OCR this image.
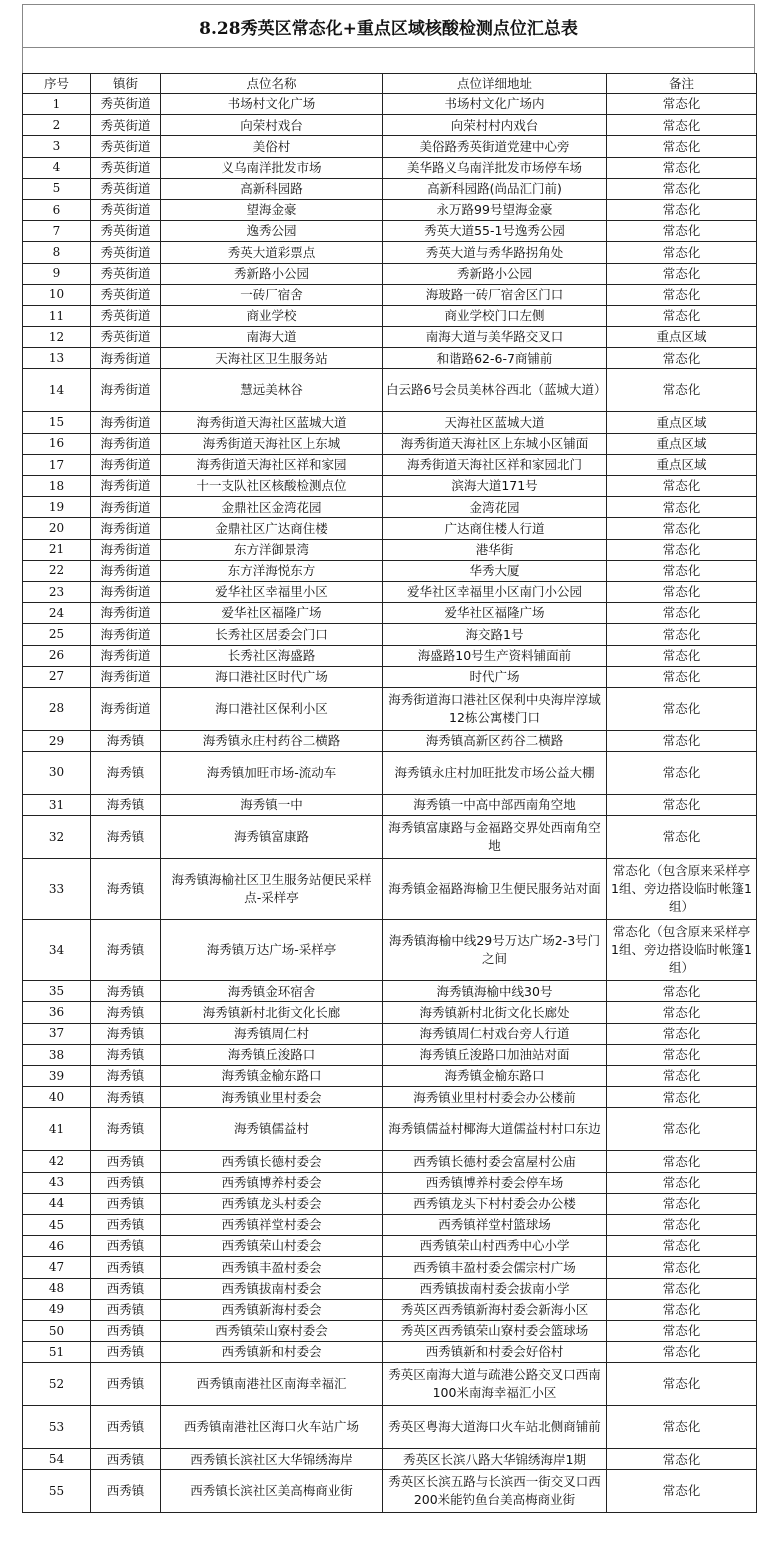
8.28秀英区常态化+重点区域核酸检测点位汇总表
序号	镇街	点位名称	点位详细地址	备注
1	秀英街道	书场村文化广场	书场村文化广场内	常态化
2	秀英街道	向荣村戏台	向荣村村内戏台	常态化
3	秀英街道	美俗村	美俗路秀英街道党建中心旁	常态化
4	秀英街道	义乌南洋批发市场	美华路义乌南洋批发市场停车场	常态化
5	秀英街道	高新科园路	高新科园路(尚品汇门前)	常态化
6	秀英街道	望海金豪	永万路99号望海金豪	常态化
7	秀英街道	逸秀公园	秀英大道55-1号逸秀公园	常态化
8	秀英街道	秀英大道彩票点	秀英大道与秀华路拐角处	常态化
9	秀英街道	秀新路小公园	秀新路小公园	常态化
10	秀英街道	一砖厂宿舍	海玻路一砖厂宿舍区门口	常态化
11	秀英街道	商业学校	商业学校门口左侧	常态化
12	秀英街道	南海大道	南海大道与美华路交叉口	重点区域
13	海秀街道	天海社区卫生服务站	和谐路62-6-7商铺前	常态化
14	海秀街道	慧远美林谷	白云路6号会员美林谷西北（蓝城大道）	常态化
15	海秀街道	海秀街道天海社区蓝城大道	天海社区蓝城大道	重点区域
16	海秀街道	海秀街道天海社区上东城	海秀街道天海社区上东城小区铺面	重点区域
17	海秀街道	海秀街道天海社区祥和家园	海秀街道天海社区祥和家园北门	重点区域
18	海秀街道	十一支队社区核酸检测点位	滨海大道171号	常态化
19	海秀街道	金鼎社区金湾花园	金湾花园	常态化
20	海秀街道	金鼎社区广达商住楼	广达商住楼人行道	常态化
21	海秀街道	东方洋御景湾	港华街	常态化
22	海秀街道	东方洋海悦东方	华秀大厦	常态化
23	海秀街道	爱华社区幸福里小区	爱华社区幸福里小区南门小公园	常态化
24	海秀街道	爱华社区福隆广场	爱华社区福隆广场	常态化
25	海秀街道	长秀社区居委会门口	海交路1号	常态化
26	海秀街道	长秀社区海盛路	海盛路10号生产资料铺面前	常态化
27	海秀街道	海口港社区时代广场	时代广场	常态化
28	海秀街道	海口港社区保利小区	海秀街道海口港社区保利中央海岸淳域12栋公寓楼门口	常态化
29	海秀镇	海秀镇永庄村药谷二横路	海秀镇高新区药谷二横路	常态化
30	海秀镇	海秀镇加旺市场-流动车	海秀镇永庄村加旺批发市场公益大棚	常态化
31	海秀镇	海秀镇一中	海秀镇一中高中部西南角空地	常态化
32	海秀镇	海秀镇富康路	海秀镇富康路与金福路交界处西南角空地	常态化
33	海秀镇	海秀镇海榆社区卫生服务站便民采样点-采样亭	海秀镇金福路海榆卫生便民服务站对面	常态化（包含原来采样亭1组、旁边搭设临时帐篷1组）
34	海秀镇	海秀镇万达广场-采样亭	海秀镇海榆中线29号万达广场2-3号门之间	常态化（包含原来采样亭1组、旁边搭设临时帐篷1组）
35	海秀镇	海秀镇金环宿舍	海秀镇海榆中线30号	常态化
36	海秀镇	海秀镇新村北街文化长廊	海秀镇新村北街文化长廊处	常态化
37	海秀镇	海秀镇周仁村	海秀镇周仁村戏台旁人行道	常态化
38	海秀镇	海秀镇丘浚路口	海秀镇丘浚路口加油站对面	常态化
39	海秀镇	海秀镇金榆东路口	海秀镇金榆东路口	常态化
40	海秀镇	海秀镇业里村委会	海秀镇业里村村委会办公楼前	常态化
41	海秀镇	海秀镇儒益村	海秀镇儒益村椰海大道儒益村村口东边	常态化
42	西秀镇	西秀镇长德村委会	西秀镇长德村委会富屋村公庙	常态化
43	西秀镇	西秀镇博养村委会	西秀镇博养村委会停车场	常态化
44	西秀镇	西秀镇龙头村委会	西秀镇龙头下村村委会办公楼	常态化
45	西秀镇	西秀镇祥堂村委会	西秀镇祥堂村篮球场	常态化
46	西秀镇	西秀镇荣山村委会	西秀镇荣山村西秀中心小学	常态化
47	西秀镇	西秀镇丰盈村委会	西秀镇丰盈村委会儒宗村广场	常态化
48	西秀镇	西秀镇拔南村委会	西秀镇拔南村委会拔南小学	常态化
49	西秀镇	西秀镇新海村委会	秀英区西秀镇新海村委会新海小区	常态化
50	西秀镇	西秀镇荣山寮村委会	秀英区西秀镇荣山寮村委会篮球场	常态化
51	西秀镇	西秀镇新和村委会	西秀镇新和村委会好俗村	常态化
52	西秀镇	西秀镇南港社区南海幸福汇	秀英区南海大道与疏港公路交叉口西南100米南海幸福汇小区	常态化
53	西秀镇	西秀镇南港社区海口火车站广场	秀英区粤海大道海口火车站北侧商铺前	常态化
54	西秀镇	西秀镇长滨社区大华锦绣海岸	秀英区长滨八路大华锦绣海岸1期	常态化
55	西秀镇	西秀镇长滨社区美高梅商业街	秀英区长滨五路与长滨西一街交叉口西200米能钓鱼台美高梅商业街	常态化
